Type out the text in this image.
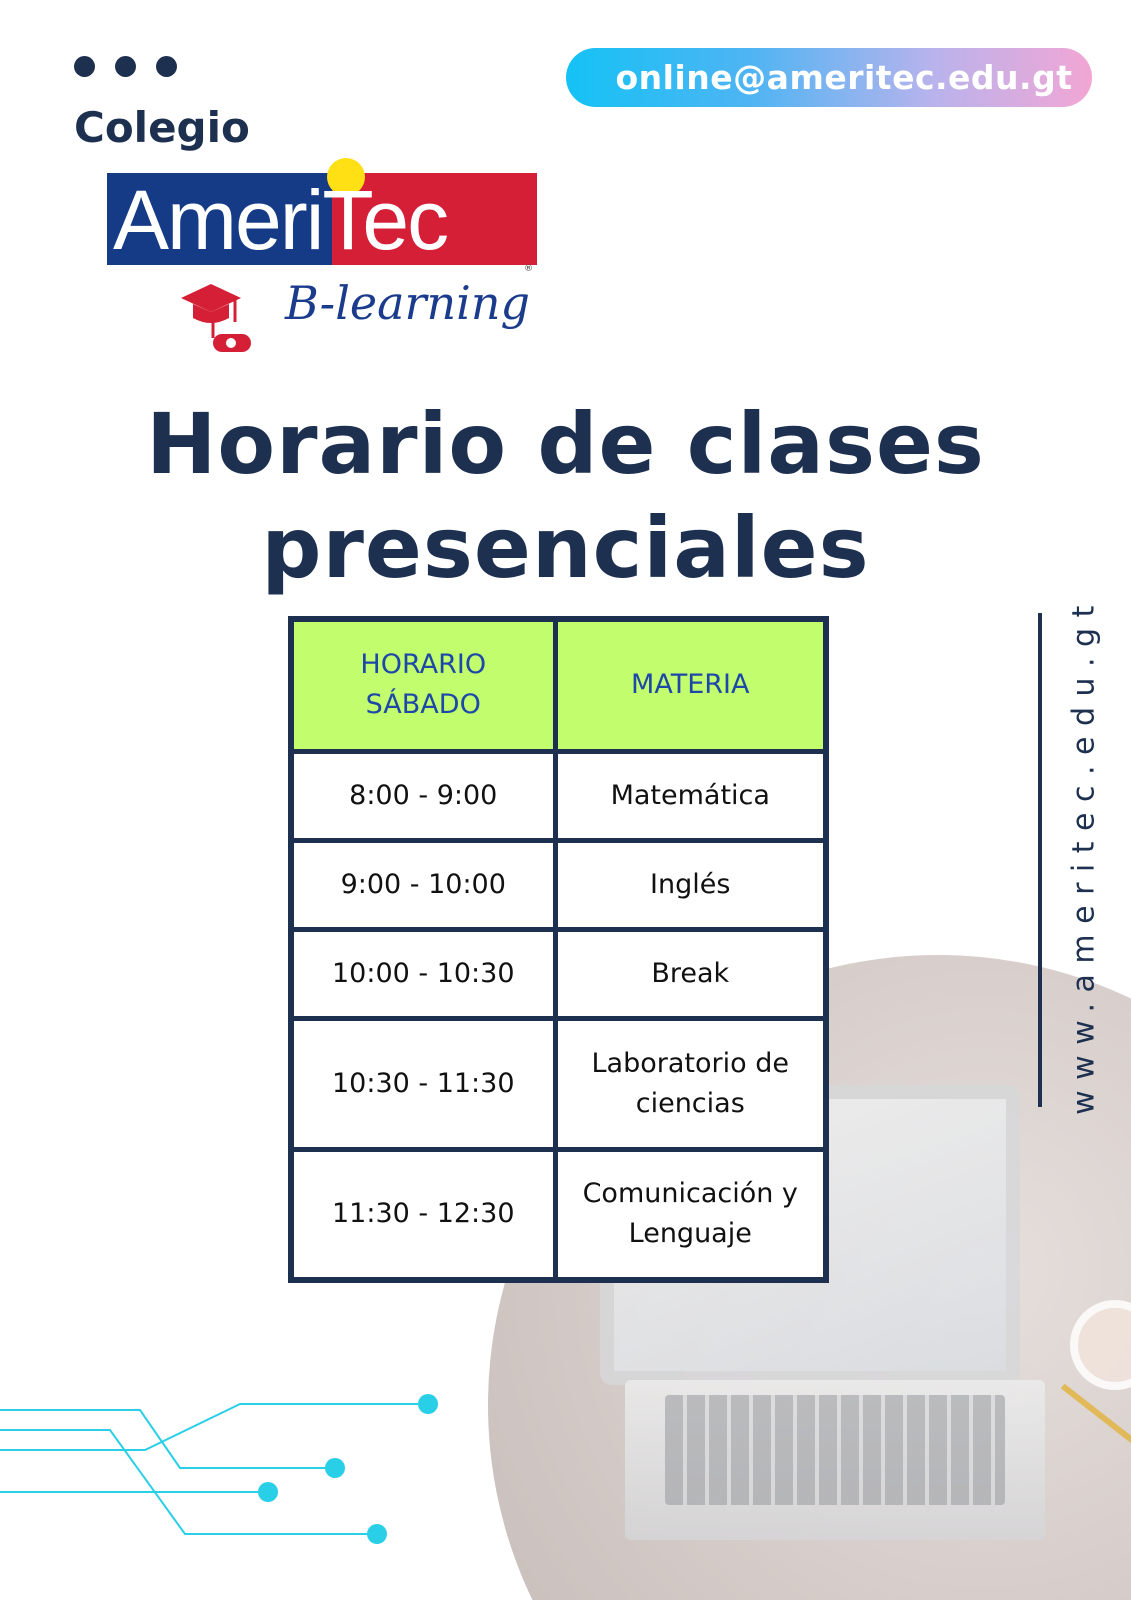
Colegio
online@ameritec.edu.gt
AmeriTec
®
B-learning
Horario de clases
presenciales
HORARIO SÁBADO	MATERIA
8:00 - 9:00	Matemática
9:00 - 10:00	Inglés
10:00 - 10:30	Break
10:30 - 11:30	Laboratorio de ciencias
11:30 - 12:30	Comunicación y Lenguaje
www.ameritec.edu.gt
